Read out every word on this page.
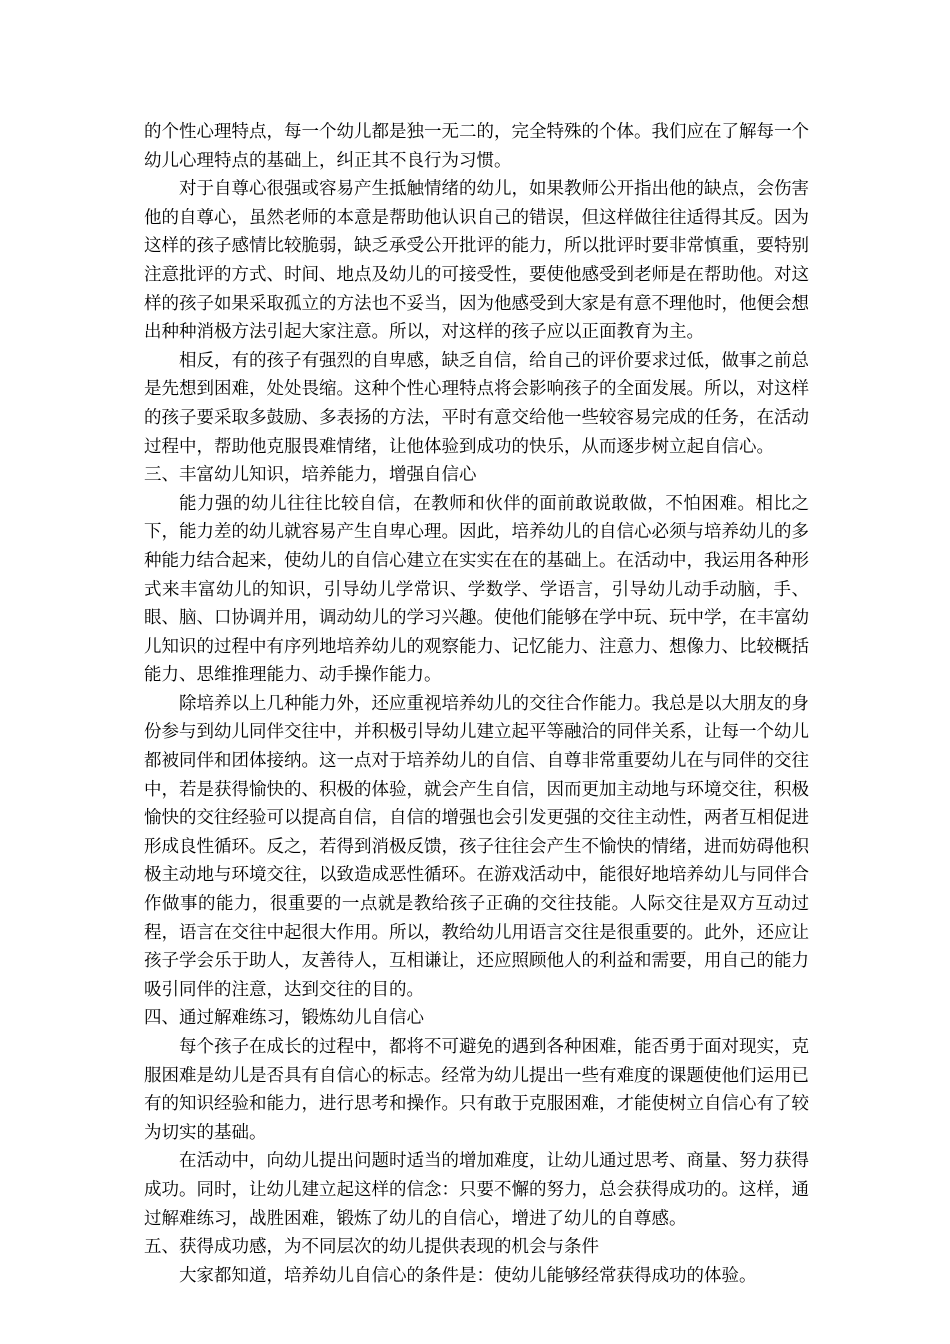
的个性心理特点，每一个幼儿都是独一无二的，完全特殊的个体。我们应在了解每一个幼儿心理特点的基础上，纠正其不良行为习惯。

对于自尊心很强或容易产生抵触情绪的幼儿，如果教师公开指出他的缺点，会伤害他的自尊心，虽然老师的本意是帮助他认识自己的错误，但这样做往往适得其反。因为这样的孩子感情比较脆弱，缺乏承受公开批评的能力，所以批评时要非常慎重，要特别注意批评的方式、时间、地点及幼儿的可接受性，要使他感受到老师是在帮助他。对这样的孩子如果采取孤立的方法也不妥当，因为他感受到大家是有意不理他时，他便会想出种种消极方法引起大家注意。所以，对这样的孩子应以正面教育为主。

相反，有的孩子有强烈的自卑感，缺乏自信，给自己的评价要求过低，做事之前总是先想到困难，处处畏缩。这种个性心理特点将会影响孩子的全面发展。所以，对这样的孩子要采取多鼓励、多表扬的方法，平时有意交给他一些较容易完成的任务，在活动过程中，帮助他克服畏难情绪，让他体验到成功的快乐，从而逐步树立起自信心。

三、丰富幼儿知识，培养能力，增强自信心

能力强的幼儿往往比较自信，在教师和伙伴的面前敢说敢做，不怕困难。相比之下，能力差的幼儿就容易产生自卑心理。因此，培养幼儿的自信心必须与培养幼儿的多种能力结合起来，使幼儿的自信心建立在实实在在的基础上。在活动中，我运用各种形式来丰富幼儿的知识，引导幼儿学常识、学数学、学语言，引导幼儿动手动脑，手、眼、脑、口协调并用，调动幼儿的学习兴趣。使他们能够在学中玩、玩中学，在丰富幼儿知识的过程中有序列地培养幼儿的观察能力、记忆能力、注意力、想像力、比较概括能力、思维推理能力、动手操作能力。

除培养以上几种能力外，还应重视培养幼儿的交往合作能力。我总是以大朋友的身份参与到幼儿同伴交往中，并积极引导幼儿建立起平等融洽的同伴关系，让每一个幼儿都被同伴和团体接纳。这一点对于培养幼儿的自信、自尊非常重要幼儿在与同伴的交往中，若是获得愉快的、积极的体验，就会产生自信，因而更加主动地与环境交往，积极愉快的交往经验可以提高自信，自信的增强也会引发更强的交往主动性，两者互相促进形成良性循环。反之，若得到消极反馈，孩子往往会产生不愉快的情绪，进而妨碍他积极主动地与环境交往，以致造成恶性循环。在游戏活动中，能很好地培养幼儿与同伴合作做事的能力，很重要的一点就是教给孩子正确的交往技能。人际交往是双方互动过程，语言在交往中起很大作用。所以，教给幼儿用语言交往是很重要的。此外，还应让孩子学会乐于助人，友善待人，互相谦让，还应照顾他人的利益和需要，用自己的能力吸引同伴的注意，达到交往的目的。

四、通过解难练习，锻炼幼儿自信心

每个孩子在成长的过程中，都将不可避免的遇到各种困难，能否勇于面对现实，克服困难是幼儿是否具有自信心的标志。经常为幼儿提出一些有难度的课题使他们运用已有的知识经验和能力，进行思考和操作。只有敢于克服困难，才能使树立自信心有了较为切实的基础。

在活动中，向幼儿提出问题时适当的增加难度，让幼儿通过思考、商量、努力获得成功。同时，让幼儿建立起这样的信念：只要不懈的努力，总会获得成功的。这样，通过解难练习，战胜困难，锻炼了幼儿的自信心，增进了幼儿的自尊感。

五、获得成功感，为不同层次的幼儿提供表现的机会与条件

大家都知道，培养幼儿自信心的条件是：使幼儿能够经常获得成功的体验。
